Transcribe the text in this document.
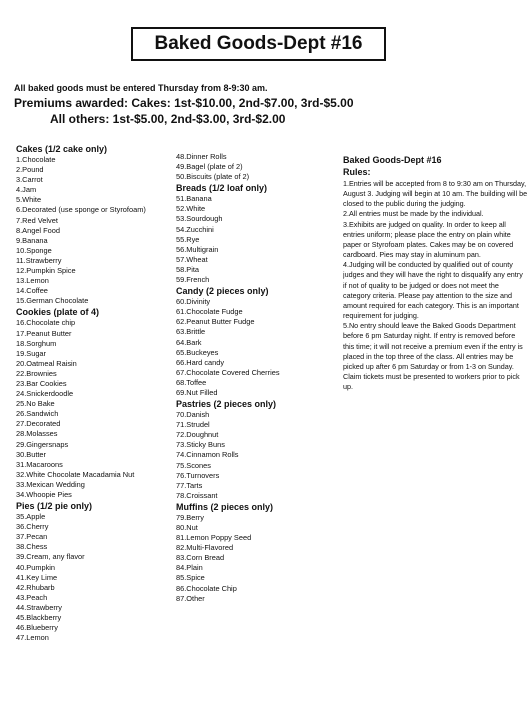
Baked Goods-Dept #16
All baked goods must be entered Thursday from 8-9:30 am.
Premiums awarded: Cakes: 1st-$10.00, 2nd-$7.00, 3rd-$5.00
All others: 1st-$5.00, 2nd-$3.00, 3rd-$2.00
Cakes (1/2 cake only)
1.Chocolate
2.Pound
3.Carrot
4.Jam
5.White
6.Decorated (use sponge or Styrofoam)
7.Red Velvet
8.Angel Food
9.Banana
10.Sponge
11.Strawberry
12.Pumpkin Spice
13.Lemon
14.Coffee
15.German Chocolate
Cookies (plate of 4)
16.Chocolate chip
17.Peanut Butter
18.Sorghum
19.Sugar
20.Oatmeal Raisin
22.Brownies
23.Bar Cookies
24.Snickerdoodle
25.No Bake
26.Sandwich
27.Decorated
28.Molasses
29.Gingersnaps
30.Butter
31.Macaroons
32.White Chocolate Macadamia Nut
33.Mexican Wedding
34.Whoopie Pies
Pies (1/2 pie only)
35.Apple
36.Cherry
37.Pecan
38.Chess
39.Cream, any flavor
40.Pumpkin
41.Key Lime
42.Rhubarb
43.Peach
44.Strawberry
45.Blackberry
46.Blueberry
47.Lemon
48.Dinner Rolls
49.Bagel (plate of 2)
50.Biscuits (plate of 2)
Breads (1/2 loaf only)
51.Banana
52.White
53.Sourdough
54.Zucchini
55.Rye
56.Multigrain
57.Wheat
58.Pita
59.French
Candy (2 pieces only)
60.Divinity
61.Chocolate Fudge
62.Peanut Butter Fudge
63.Brittle
64.Bark
65.Buckeyes
66.Hard candy
67.Chocolate Covered Cherries
68.Toffee
69.Nut Filled
Pastries (2 pieces only)
70.Danish
71.Strudel
72.Doughnut
73.Sticky Buns
74.Cinnamon Rolls
75.Scones
76.Turnovers
77.Tarts
78.Croissant
Muffins (2 pieces only)
79.Berry
80.Nut
81.Lemon Poppy Seed
82.Multi-Flavored
83.Corn Bread
84.Plain
85.Spice
86.Chocolate Chip
87.Other
Baked Goods-Dept #16
Rules:
1.Entries will be accepted from 8 to 9:30 am on Thursday,
August 3. Judging will begin at 10 am. The building will be
closed to the public during the judging.
2.All entries must be made by the individual.
3.Exhibits are judged on quality. In order to keep all
entries uniform; please place the entry on plain white
paper or Styrofoam plates. Cakes may be on covered
cardboard. Pies may stay in aluminum pan.
4.Judging will be conducted by qualified out of county
judges and they will have the right to disqualify any entry
if not of quality to be judged or does not meet the
category criteria. Please pay attention to the size and
amount required for each category. This is an important
requirement for judging.
5.No entry should leave the Baked Goods Department
before 6 pm Saturday night. If entry is removed before
this time; it will not receive a premium even if the entry is
placed in the top three of the class. All entries may be
picked up after 6 pm Saturday or from 1-3 on Sunday.
Claim tickets must be presented to workers prior to pick
up.
